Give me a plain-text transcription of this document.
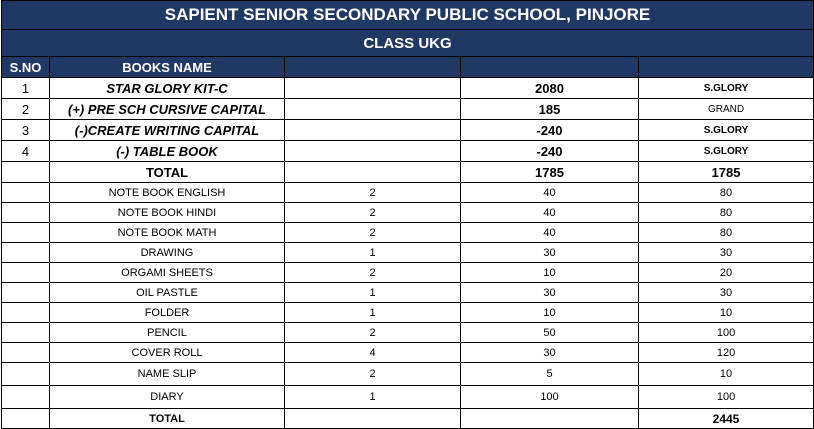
SAPIENT SENIOR SECONDARY PUBLIC SCHOOL, PINJORE				
CLASS UKG				
S.NO	BOOKS NAME			
1	STAR GLORY KIT-C		2080	S.GLORY
2	(+) PRE SCH CURSIVE CAPITAL		185	GRAND
3	(-)CREATE WRITING CAPITAL		-240	S.GLORY
4	(-) TABLE BOOK		-240	S.GLORY
	TOTAL		1785	1785
	NOTE BOOK ENGLISH	2	40	80
	NOTE BOOK HINDI	2	40	80
	NOTE BOOK MATH	2	40	80
	DRAWING	1	30	30
	ORGAMI SHEETS	2	10	20
	OIL PASTLE	1	30	30
	FOLDER	1	10	10
	PENCIL	2	50	100
	COVER ROLL	4	30	120
	NAME SLIP	2	5	10
	DIARY	1	100	100
	TOTAL			2445
